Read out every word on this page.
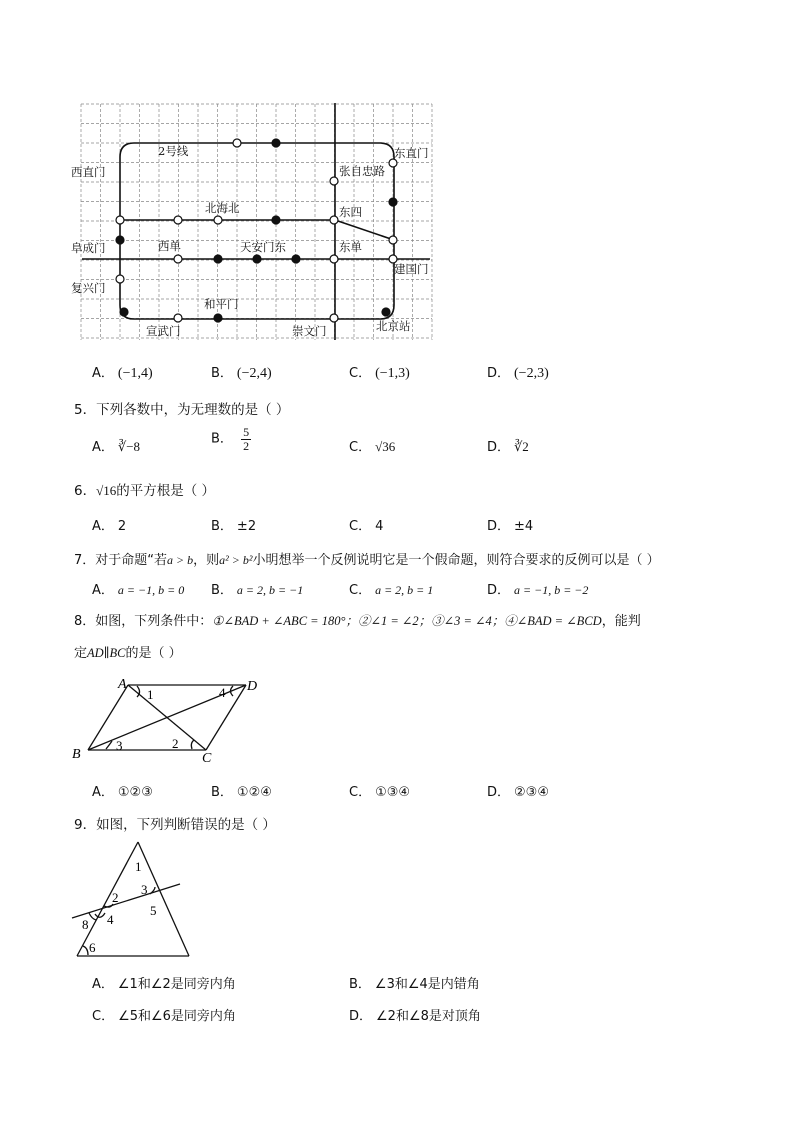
2号线
西直门
东直门
张自忠路
北海北	东四
阜成门	西单	天安门东	东单
建国门
复兴门
和平门
宣武门	崇文门	北京站
A． (−1,4)	B． (−2,4)	C． (−1,3)	D． (−2,3)
5．下列各数中，为无理数的是（ ）
A． ∛−8	B． $\frac{5}{2}$	C． √36	D． ∛2
6．√16的平方根是（ ）
A． 2	B． ±2	C． 4	D． ±4
7．对于命题“若a > b，则a² > b²小明想举一个反例说明它是一个假命题，则符合要求的反例可以是（ ）
A． a = −1, b = 0 B． a = 2, b = −1	C． a = 2, b = 1	D． a = −1, b = −2
8．如图，下列条件中：①∠BAD + ∠ABC = 180°；②∠1 = ∠2；③∠3 = ∠4；④∠BAD = ∠BCD，能判
定AD∥BC的是（ ）
A	D
B	C
1	4
3	2
A． ①②③	B． ①②④	C． ①③④	D． ②③④
9．如图，下列判断错误的是（ ）
1
2
3
4
5
8
6
A． ∠1和∠2是同旁内角	B． ∠3和∠4是内错角
C． ∠5和∠6是同旁内角	D． ∠2和∠8是对顶角
